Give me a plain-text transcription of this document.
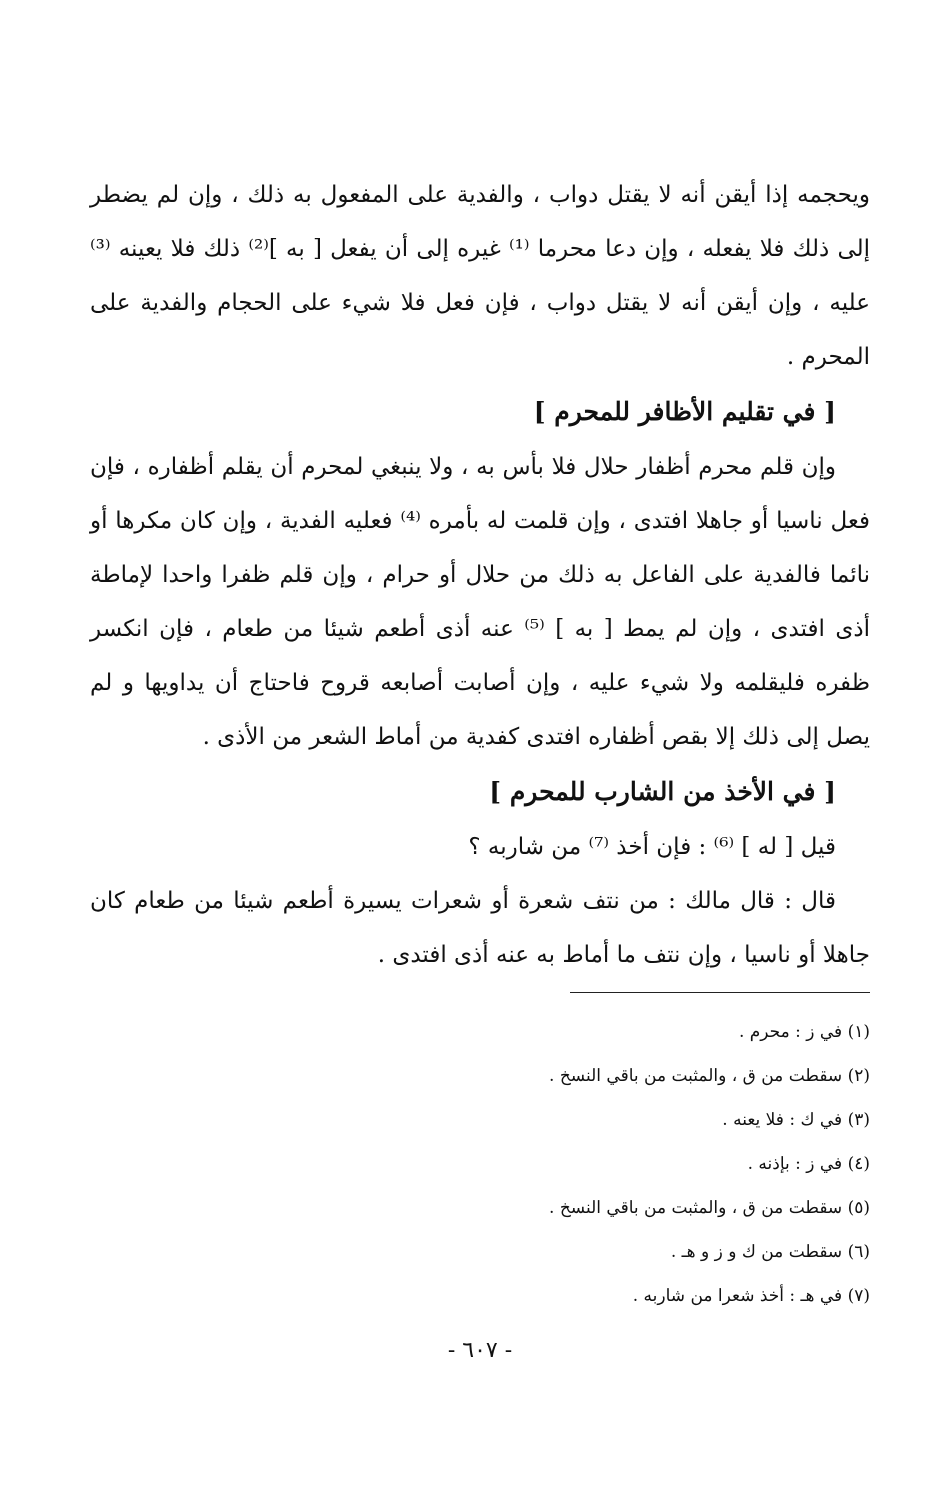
ويحجمه إذا أيقن أنه لا يقتل دواب ، والفدية على المفعول به ذلك ، وإن لم يضطر إلى ذلك فلا يفعله ، وإن دعا محرما ⁽¹⁾ غيره إلى أن يفعل [ به ]⁽²⁾ ذلك فلا يعينه ⁽³⁾ عليه ، وإن أيقن أنه لا يقتل دواب ، فإن فعل فلا شيء على الحجام والفدية على المحرم .

[ في تقليم الأظافر للمحرم ]

وإن قلم محرم أظفار حلال فلا بأس به ، ولا ينبغي لمحرم أن يقلم أظفاره ، فإن فعل ناسيا أو جاهلا افتدى ، وإن قلمت له بأمره ⁽⁴⁾ فعليه الفدية ، وإن كان مكرها أو نائما فالفدية على الفاعل به ذلك من حلال أو حرام ، وإن قلم ظفرا واحدا لإماطة أذى افتدى ، وإن لم يمط [ به ] ⁽⁵⁾ عنه أذى أطعم شيئا من طعام ، فإن انكسر ظفره فليقلمه ولا شيء عليه ، وإن أصابت أصابعه قروح فاحتاج أن يداويها و لم يصل إلى ذلك إلا بقص أظفاره افتدى كفدية من أماط الشعر من الأذى .

[ في الأخذ من الشارب للمحرم ]

قيل [ له ] ⁽⁶⁾ : فإن أخذ ⁽⁷⁾ من شاربه ؟

قال : قال مالك : من نتف شعرة أو شعرات يسيرة أطعم شيئا من طعام كان جاهلا أو ناسيا ، وإن نتف ما أماط به عنه أذى افتدى .

(١) في ز : محرم .
(٢) سقطت من ق ، والمثبت من باقي النسخ .
(٣) في ك : فلا يعنه .
(٤) في ز : بإذنه .
(٥) سقطت من ق ، والمثبت من باقي النسخ .
(٦) سقطت من ك و ز و هـ .
(٧) في هـ : أخذ شعرا من شاربه .
- ٦٠٧ -
